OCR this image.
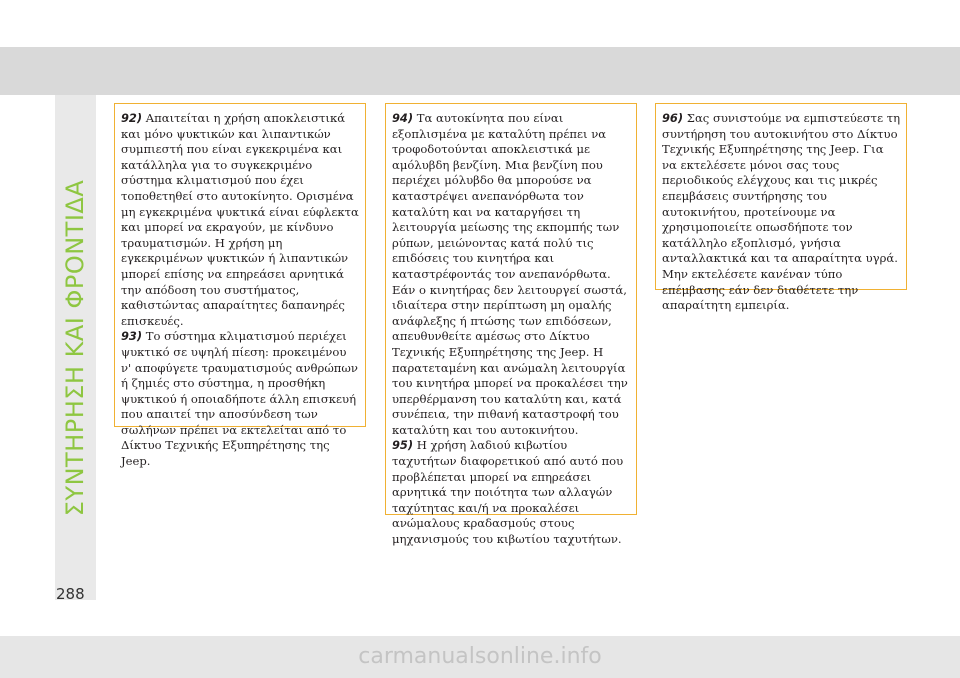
ΣΥΝΤΗΡΗΣΗ ΚΑΙ ΦΡΟΝΤΙΔΑ

92) Απαιτείται η χρήση αποκλειστικά και μόνο ψυκτικών και λιπαντικών συμπιεστή που είναι εγκεκριμένα και κατάλληλα για το συγκεκριμένο σύστημα κλιματισμού που έχει τοποθετηθεί στο αυτοκίνητο. Ορισμένα μη εγκεκριμένα ψυκτικά είναι εύφλεκτα και μπορεί να εκραγούν, με κίνδυνο τραυματισμών. Η χρήση μη εγκεκριμένων ψυκτικών ή λιπαντικών μπορεί επίσης να επηρεάσει αρνητικά την απόδοση του συστήματος, καθιστώντας απαραίτητες δαπανηρές επισκευές.

93) Το σύστημα κλιματισμού περιέχει ψυκτικό σε υψηλή πίεση: προκειμένου ν' αποφύγετε τραυματισμούς ανθρώπων ή ζημιές στο σύστημα, η προσθήκη ψυκτικού ή οποιαδήποτε άλλη επισκευή που απαιτεί την αποσύνδεση των σωλήνων πρέπει να εκτελείται από το Δίκτυο Τεχνικής Εξυπηρέτησης της Jeep.

94) Τα αυτοκίνητα που είναι εξοπλισμένα με καταλύτη πρέπει να τροφοδοτούνται αποκλειστικά με αμόλυβδη βενζίνη. Μια βενζίνη που περιέχει μόλυβδο θα μπορούσε να καταστρέψει ανεπανόρθωτα τον καταλύτη και να καταργήσει τη λειτουργία μείωσης της εκπομπής των ρύπων, μειώνοντας κατά πολύ τις επιδόσεις του κινητήρα και καταστρέφοντάς τον ανεπανόρθωτα. Εάν ο κινητήρας δεν λειτουργεί σωστά, ιδιαίτερα στην περίπτωση μη ομαλής ανάφλεξης ή πτώσης των επιδόσεων, απευθυνθείτε αμέσως στο Δίκτυο Τεχνικής Εξυπηρέτησης της Jeep. Η παρατεταμένη και ανώμαλη λειτουργία του κινητήρα μπορεί να προκαλέσει την υπερθέρμανση του καταλύτη και, κατά συνέπεια, την πιθανή καταστροφή του καταλύτη και του αυτοκινήτου.

95) Η χρήση λαδιού κιβωτίου ταχυτήτων διαφορετικού από αυτό που προβλέπεται μπορεί να επηρεάσει αρνητικά την ποιότητα των αλλαγών ταχύτητας και/ή να προκαλέσει ανώμαλους κραδασμούς στους μηχανισμούς του κιβωτίου ταχυτήτων.

96) Σας συνιστούμε να εμπιστεύεστε τη συντήρηση του αυτοκινήτου στο Δίκτυο Τεχνικής Εξυπηρέτησης της Jeep. Για να εκτελέσετε μόνοι σας τους περιοδικούς ελέγχους και τις μικρές επεμβάσεις συντήρησης του αυτοκινήτου, προτείνουμε να χρησιμοποιείτε οπωσδήποτε τον κατάλληλο εξοπλισμό, γνήσια ανταλλακτικά και τα απαραίτητα υγρά. Μην εκτελέσετε κανέναν τύπο επέμβασης εάν δεν διαθέτετε την απαραίτητη εμπειρία.

288
carmanualsonline.info
